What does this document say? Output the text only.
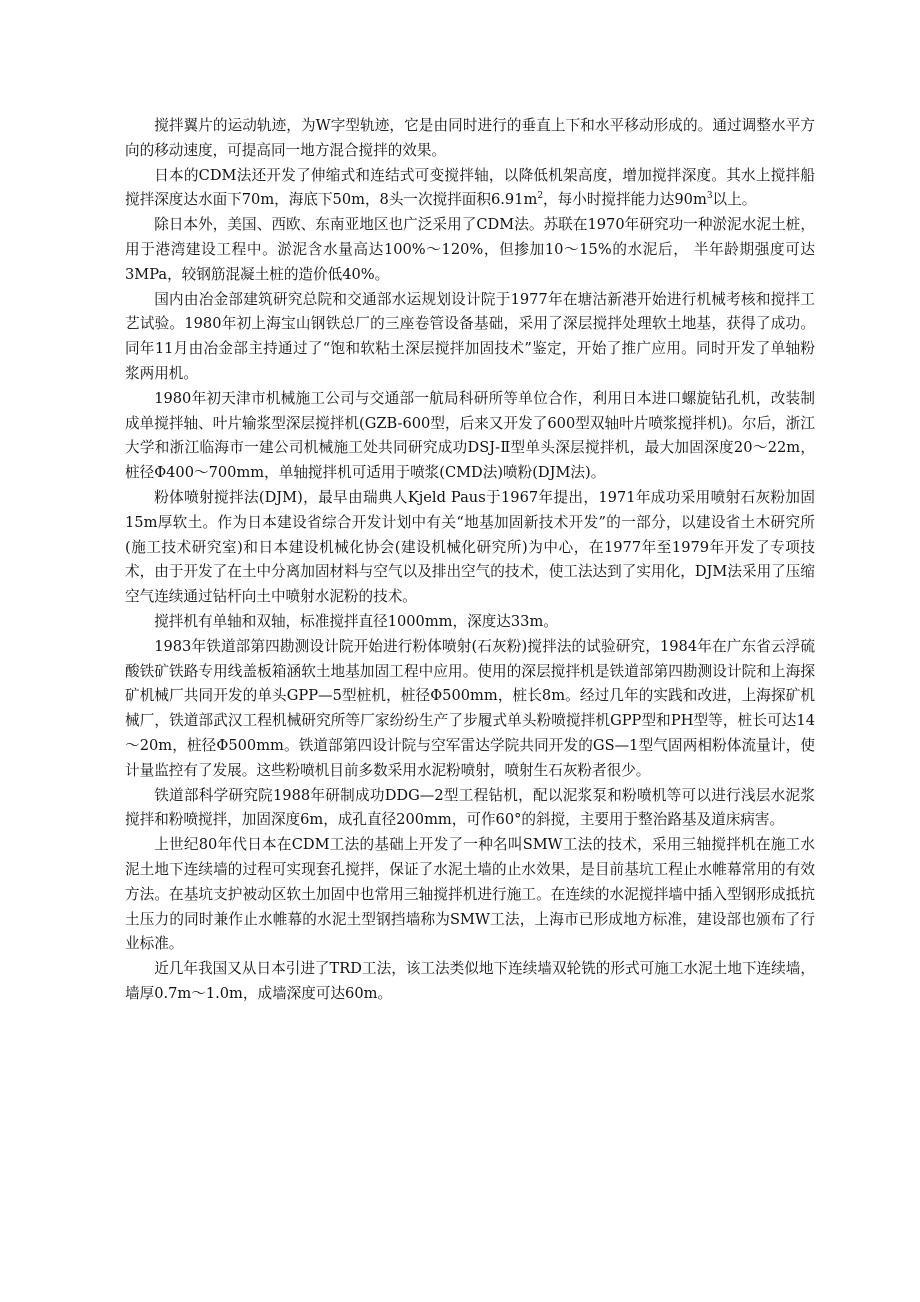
搅拌翼片的运动轨迹，为W字型轨迹，它是由同时进行的垂直上下和水平移动形成的。通过调整水平方向的移动速度，可提高同一地方混合搅拌的效果。

日本的CDM法还开发了伸缩式和连结式可变搅拌轴，以降低机架高度，增加搅拌深度。其水上搅拌船搅拌深度达水面下70m，海底下50m，8头一次搅拌面积$6.91m^2$，每小时搅拌能力达$90m^3$以上。

除日本外，美国、西欧、东南亚地区也广泛采用了CDM法。苏联在1970年研究功一种淤泥水泥土桩，用于港湾建设工程中。淤泥含水量高达100%～120%，但掺加10～15%的水泥后， 半年龄期强度可达3MPa，较钢筋混凝土桩的造价低40%。

国内由冶金部建筑研究总院和交通部水运规划设计院于1977年在塘沽新港开始进行机械考核和搅拌工艺试验。1980年初上海宝山钢铁总厂的三座卷管设备基础，采用了深层搅拌处理软土地基，获得了成功。同年11月由冶金部主持通过了“饱和软粘土深层搅拌加固技术”鉴定，开始了推广应用。同时开发了单轴粉浆两用机。

1980年初天津市机械施工公司与交通部一航局科研所等单位合作，利用日本进口螺旋钻孔机，改装制成单搅拌轴、叶片输浆型深层搅拌机(GZB-600型，后来又开发了600型双轴叶片喷浆搅拌机)。尔后，浙江大学和浙江临海市一建公司机械施工处共同研究成功DSJ-Ⅱ型单头深层搅拌机，最大加固深度20～22m，桩径Φ400～700mm，单轴搅拌机可适用于喷浆(CMD法)喷粉(DJM法)。

粉体喷射搅拌法(DJM)，最早由瑞典人Kjeld Paus于1967年提出，1971年成功采用喷射石灰粉加固15m厚软土。作为日本建设省综合开发计划中有关“地基加固新技术开发”的一部分，以建设省土木研究所(施工技术研究室)和日本建设机械化协会(建设机械化研究所)为中心，在1977年至1979年开发了专项技术，由于开发了在土中分离加固材料与空气以及排出空气的技术，使工法达到了实用化，DJM法采用了压缩空气连续通过钻杆向土中喷射水泥粉的技术。

搅拌机有单轴和双轴，标准搅拌直径1000mm，深度达33m。

1983年铁道部第四勘测设计院开始进行粉体喷射(石灰粉)搅拌法的试验研究，1984年在广东省云浮硫酸铁矿铁路专用线盖板箱涵软土地基加固工程中应用。使用的深层搅拌机是铁道部第四勘测设计院和上海探矿机械厂共同开发的单头GPP—5型桩机，桩径Φ500mm，桩长8m。经过几年的实践和改进，上海探矿机械厂，铁道部武汉工程机械研究所等厂家纷纷生产了步履式单头粉喷搅拌机GPP型和PH型等，桩长可达14～20m，桩径Φ500mm。铁道部第四设计院与空军雷达学院共同开发的GS—1型气固两相粉体流量计，使计量监控有了发展。这些粉喷机目前多数采用水泥粉喷射，喷射生石灰粉者很少。

铁道部科学研究院1988年研制成功DDG—2型工程钻机，配以泥浆泵和粉喷机等可以进行浅层水泥浆搅拌和粉喷搅拌，加固深度6m，成孔直径200mm，可作60°的斜搅，主要用于整治路基及道床病害。

上世纪80年代日本在CDM工法的基础上开发了一种名叫SMW工法的技术，采用三轴搅拌机在施工水泥土地下连续墙的过程可实现套孔搅拌，保证了水泥土墙的止水效果，是目前基坑工程止水帷幕常用的有效方法。在基坑支护被动区软土加固中也常用三轴搅拌机进行施工。在连续的水泥搅拌墙中插入型钢形成抵抗土压力的同时兼作止水帷幕的水泥土型钢挡墙称为SMW工法，上海市已形成地方标准，建设部也颁布了行业标准。

近几年我国又从日本引进了TRD工法，该工法类似地下连续墙双轮铣的形式可施工水泥土地下连续墙，墙厚0.7m～1.0m，成墙深度可达60m。
